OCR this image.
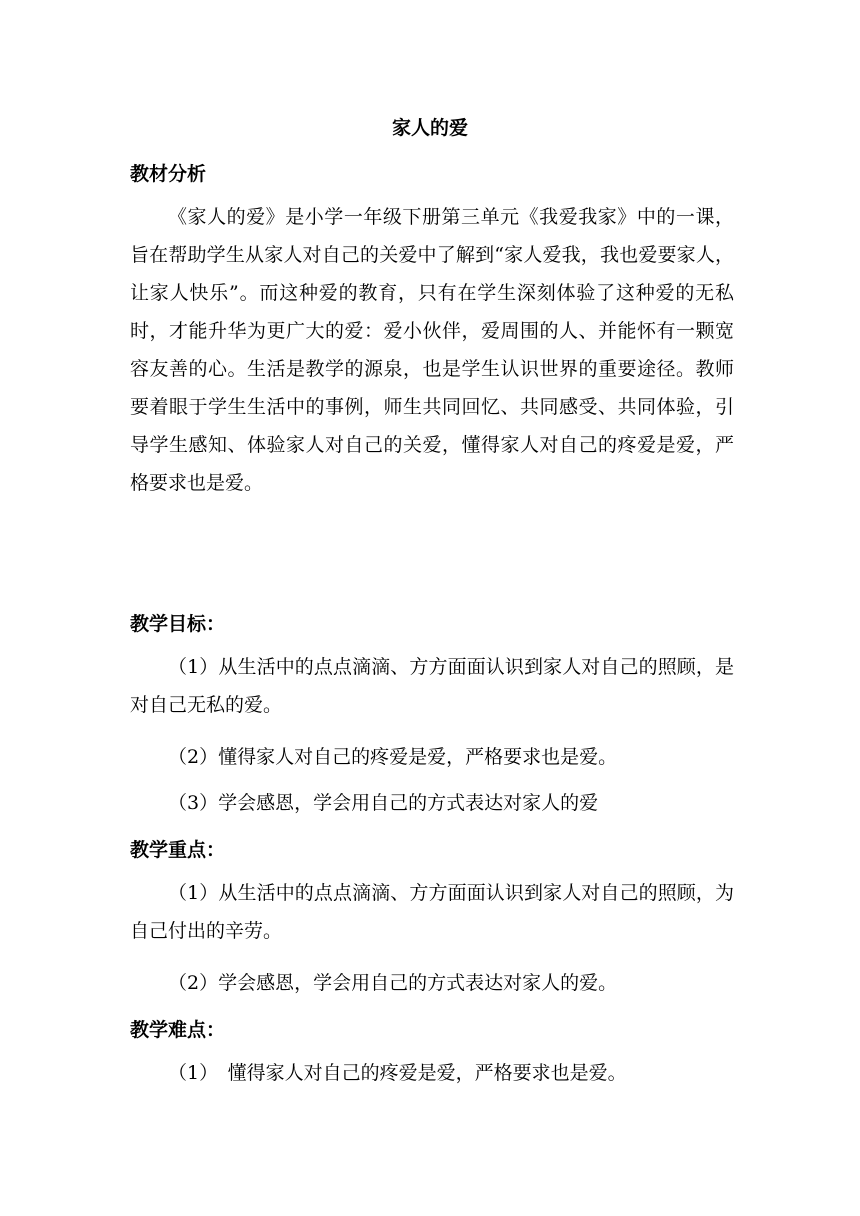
家人的爱
教材分析
《家人的爱》是小学一年级下册第三单元《我爱我家》中的一课，旨在帮助学生从家人对自己的关爱中了解到“家人爱我，我也爱要家人，让家人快乐”。而这种爱的教育，只有在学生深刻体验了这种爱的无私时，才能升华为更广大的爱：爱小伙伴，爱周围的人、并能怀有一颗宽容友善的心。生活是教学的源泉，也是学生认识世界的重要途径。教师要着眼于学生生活中的事例，师生共同回忆、共同感受、共同体验，引导学生感知、体验家人对自己的关爱，懂得家人对自己的疼爱是爱，严格要求也是爱。
教学目标：
（1）从生活中的点点滴滴、方方面面认识到家人对自己的照顾，是对自己无私的爱。
（2）懂得家人对自己的疼爱是爱，严格要求也是爱。
（3）学会感恩，学会用自己的方式表达对家人的爱
教学重点：
（1）从生活中的点点滴滴、方方面面认识到家人对自己的照顾，为自己付出的辛劳。
（2）学会感恩，学会用自己的方式表达对家人的爱。
教学难点：
（1）　懂得家人对自己的疼爱是爱，严格要求也是爱。
